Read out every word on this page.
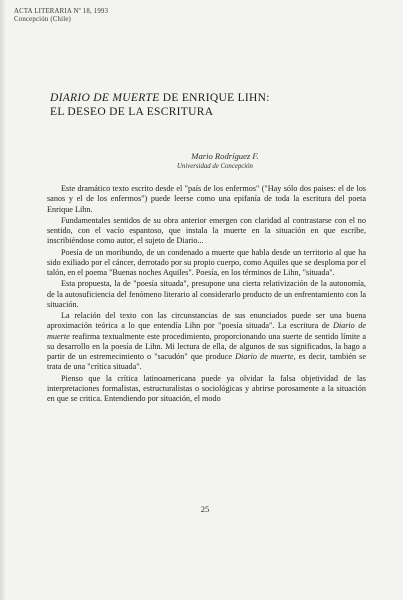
ACTA LITERARIA Nº 18, 1993
Concepción (Chile)
DIARIO DE MUERTE DE ENRIQUE LIHN:
EL DESEO DE LA ESCRITURA
Mario Rodríguez F.
Universidad de Concepción

Este dramático texto escrito desde el "país de los enfermos" ("Hay sólo dos países: el de los sanos y el de los enfermos") puede leerse como una epifanía de toda la escritura del poeta Enrique Lihn.

Fundamentales sentidos de su obra anterior emergen con claridad al contrastarse con el no sentido, con el vacío espantoso, que instala la muerte en la situación en que escribe, inscribiéndose como autor, el sujeto de Diario...

Poesía de un moribundo, de un condenado a muerte que habla desde un territorio al que ha sido exiliado por el cáncer, derrotado por su propio cuerpo, como Aquiles que se desploma por el talón, en el poema "Buenas noches Aquiles". Poesía, en los términos de Lihn, "situada".

Esta propuesta, la de "poesía situada", presupone una cierta relativización de la autonomía, de la autosuficiencia del fenómeno literario al considerarlo producto de un enfrentamiento con la situación.

La relación del texto con las circunstancias de sus enunciados puede ser una buena aproximación teórica a lo que entendía Lihn por "poesía situada". La escritura de Diario de muerte reafirma textualmente este procedimiento, proporcionando una suerte de sentido límite a su desarrollo en la poesía de Lihn. Mi lectura de ella, de algunos de sus significados, la hago a partir de un estremecimiento o "sacudón" que produce Diario de muerte, es decir, también se trata de una "crítica situada".

Pienso que la crítica latinoamericana puede ya olvidar la falsa objetividad de las interpretaciones formalistas, estructuralistas o sociológicas y abrirse porosamente a la situación en que se critica. Entendiendo por situación, el modo

25
